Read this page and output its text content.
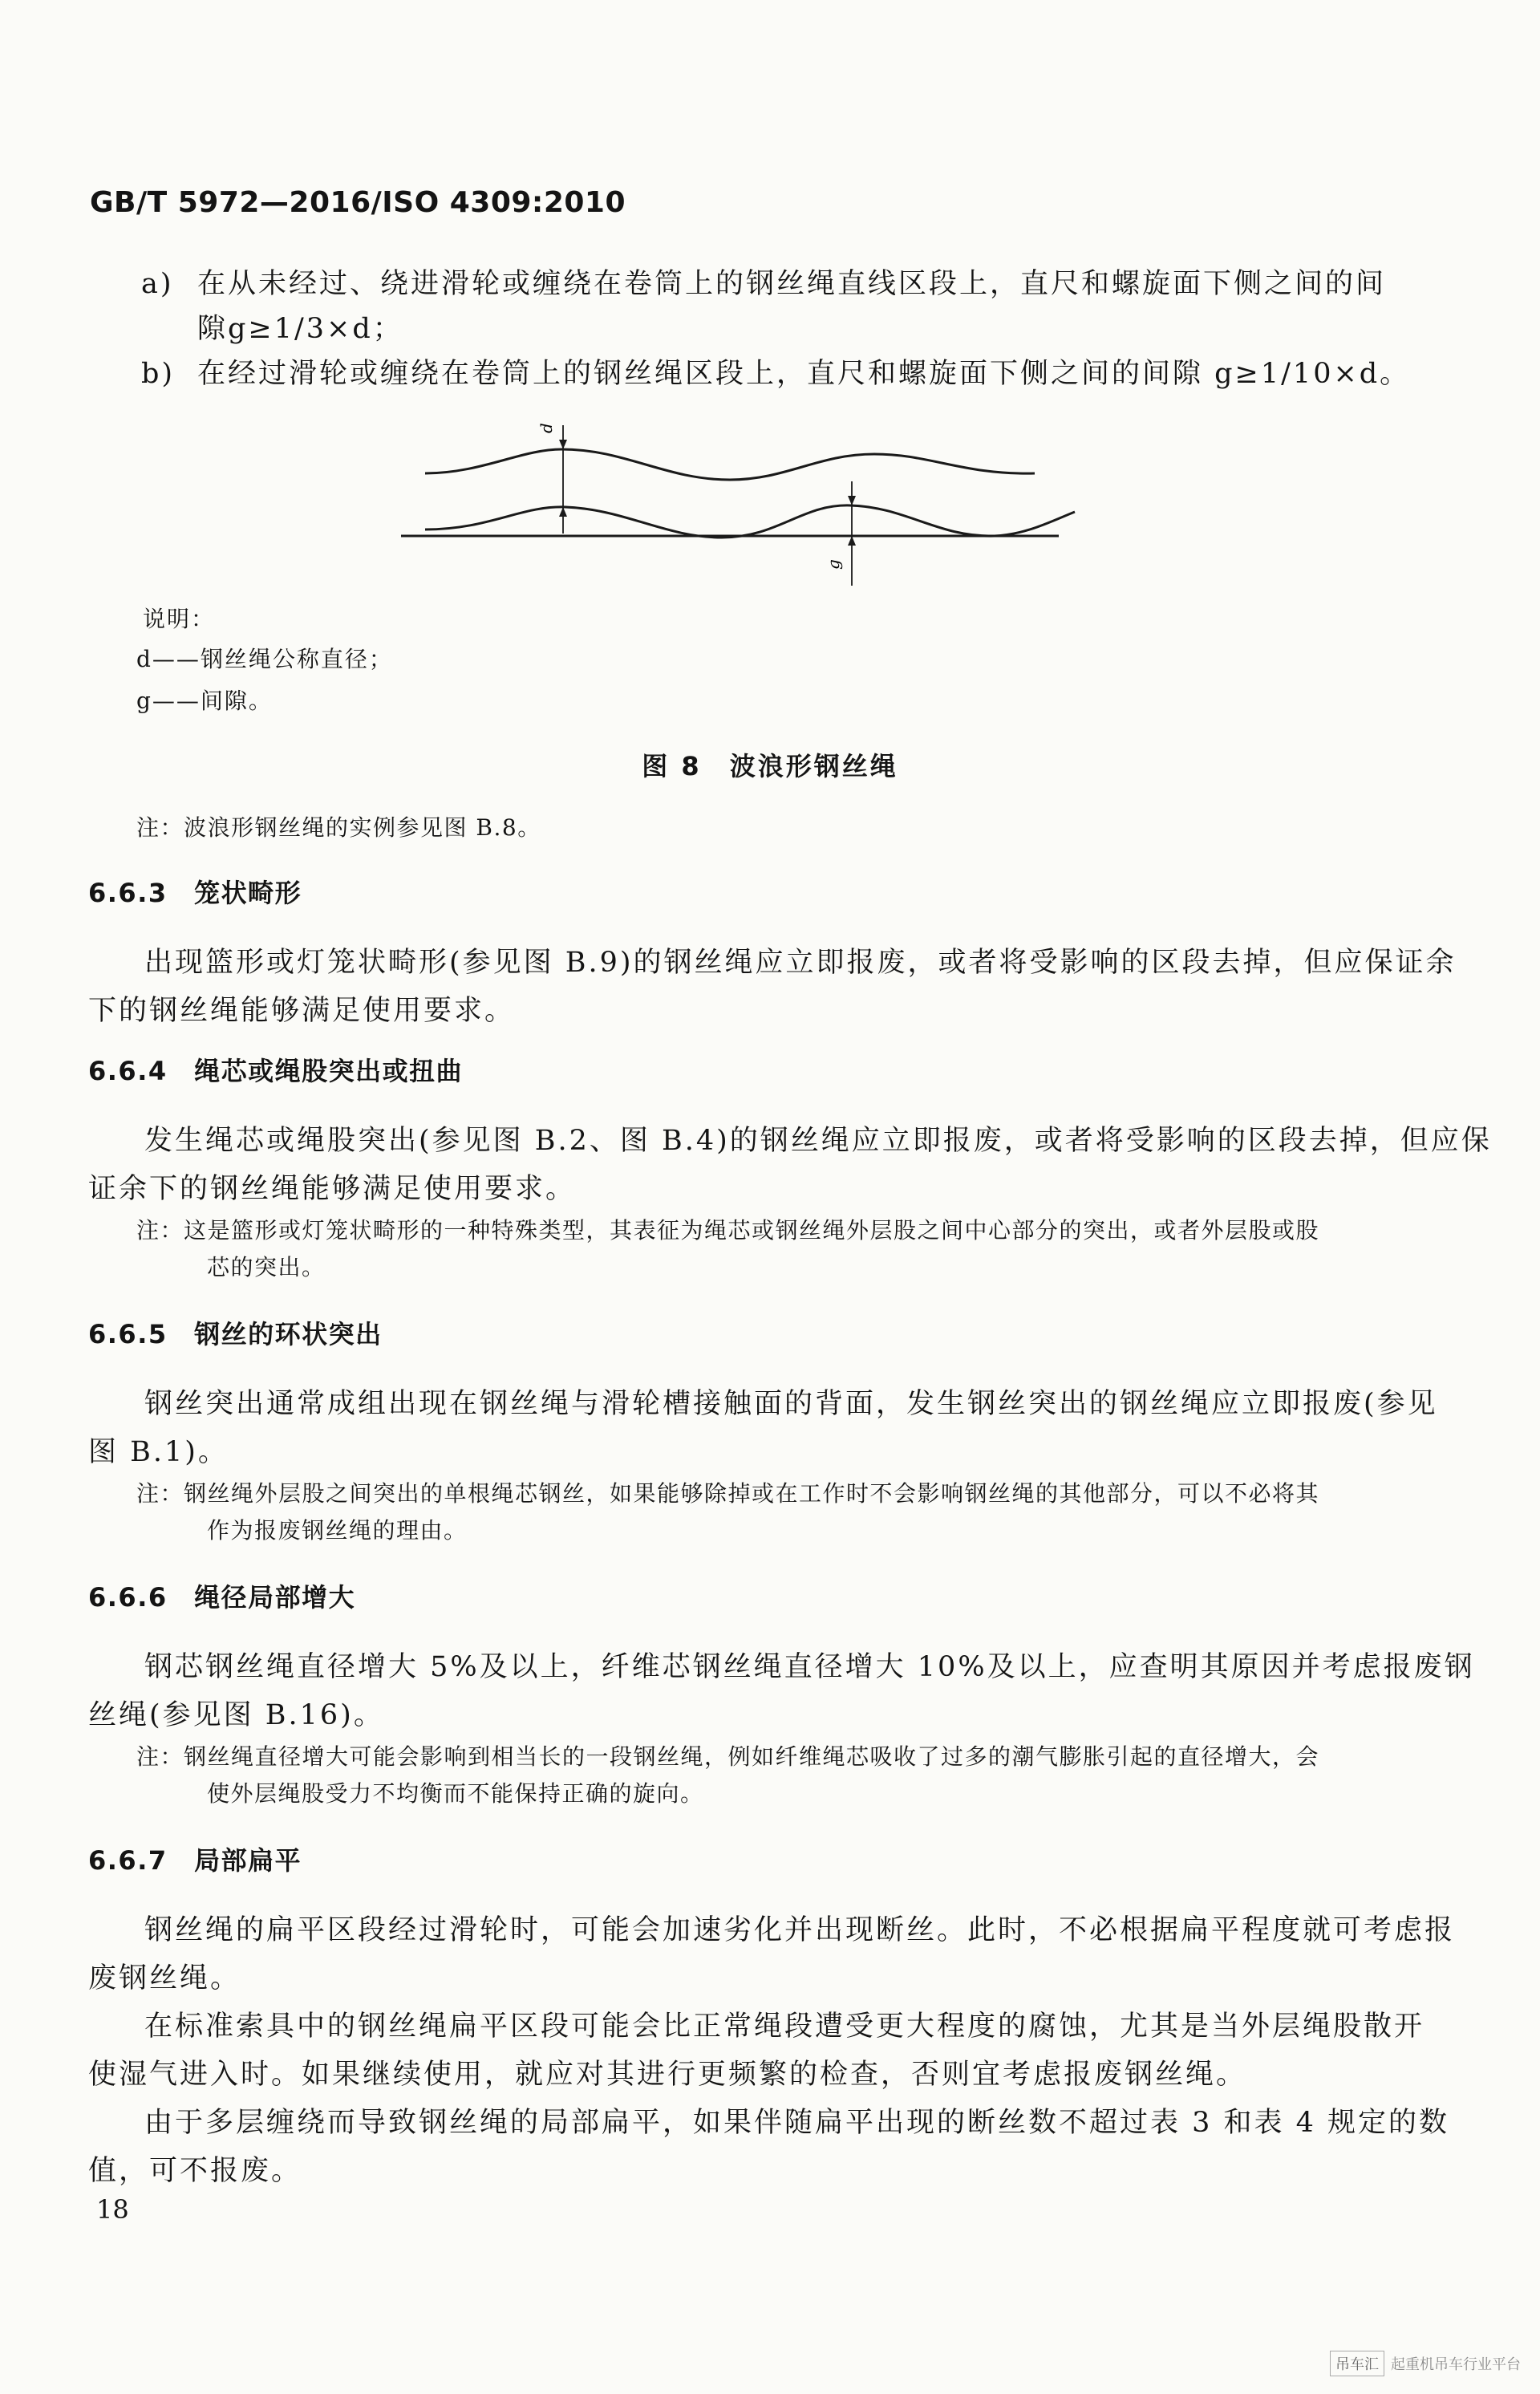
GB/T 5972—2016/ISO 4309:2010
a) 在从未经过、绕进滑轮或缠绕在卷筒上的钢丝绳直线区段上，直尺和螺旋面下侧之间的间
隙g≥1/3×d；
b) 在经过滑轮或缠绕在卷筒上的钢丝绳区段上，直尺和螺旋面下侧之间的间隙 g≥1/10×d。
d
g
说明：
d——钢丝绳公称直径；
g——间隙。
图 8　波浪形钢丝绳
注：波浪形钢丝绳的实例参见图 B.8。
6.6.3　笼状畸形
出现篮形或灯笼状畸形(参见图 B.9)的钢丝绳应立即报废，或者将受影响的区段去掉，但应保证余
下的钢丝绳能够满足使用要求。
6.6.4　绳芯或绳股突出或扭曲
发生绳芯或绳股突出(参见图 B.2、图 B.4)的钢丝绳应立即报废，或者将受影响的区段去掉，但应保
证余下的钢丝绳能够满足使用要求。
注：这是篮形或灯笼状畸形的一种特殊类型，其表征为绳芯或钢丝绳外层股之间中心部分的突出，或者外层股或股
芯的突出。
6.6.5　钢丝的环状突出
钢丝突出通常成组出现在钢丝绳与滑轮槽接触面的背面，发生钢丝突出的钢丝绳应立即报废(参见
图 B.1)。
注：钢丝绳外层股之间突出的单根绳芯钢丝，如果能够除掉或在工作时不会影响钢丝绳的其他部分，可以不必将其
作为报废钢丝绳的理由。
6.6.6　绳径局部增大
钢芯钢丝绳直径增大 5%及以上，纤维芯钢丝绳直径增大 10%及以上，应查明其原因并考虑报废钢
丝绳(参见图 B.16)。
注：钢丝绳直径增大可能会影响到相当长的一段钢丝绳，例如纤维绳芯吸收了过多的潮气膨胀引起的直径增大，会
使外层绳股受力不均衡而不能保持正确的旋向。
6.6.7　局部扁平
钢丝绳的扁平区段经过滑轮时，可能会加速劣化并出现断丝。此时，不必根据扁平程度就可考虑报
废钢丝绳。
在标准索具中的钢丝绳扁平区段可能会比正常绳段遭受更大程度的腐蚀，尤其是当外层绳股散开
使湿气进入时。如果继续使用，就应对其进行更频繁的检查，否则宜考虑报废钢丝绳。
由于多层缠绕而导致钢丝绳的局部扁平，如果伴随扁平出现的断丝数不超过表 3 和表 4 规定的数
值，可不报废。
18
吊车汇 起重机吊车行业平台
